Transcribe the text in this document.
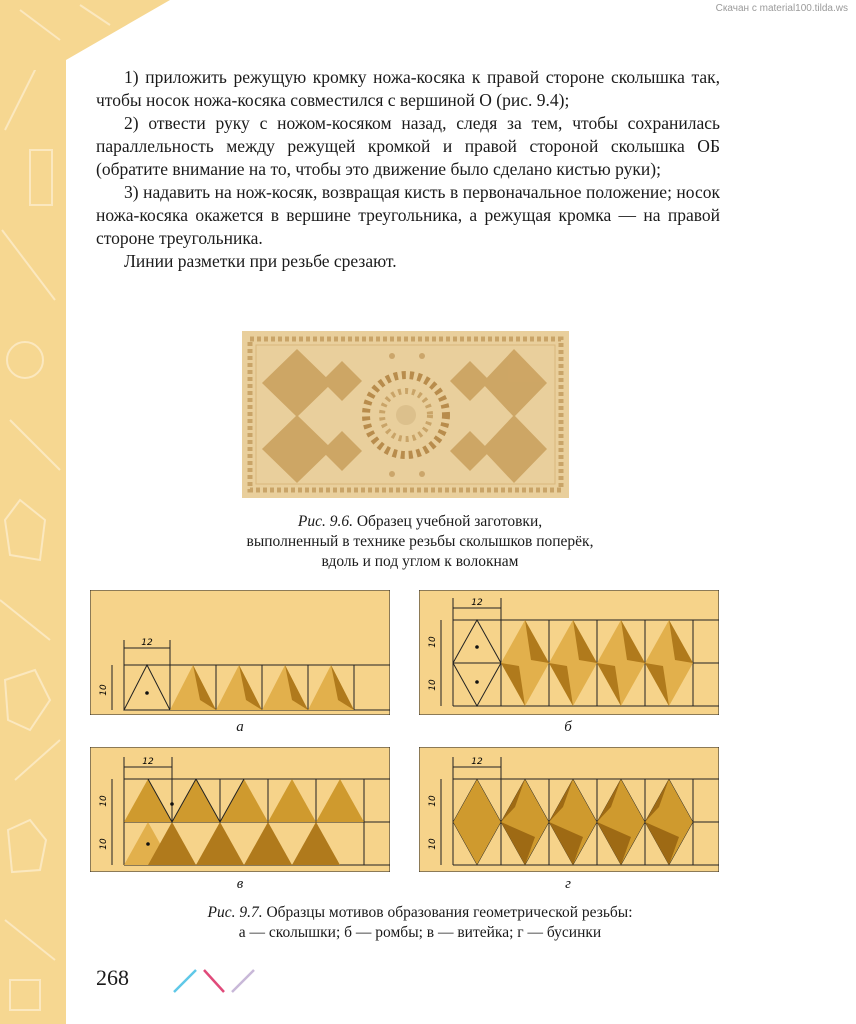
Скачан с material100.tilda.ws

1) приложить режущую кромку ножа-косяка к правой стороне сколышка так, чтобы носок ножа-косяка совместился с вершиной О (рис. 9.4);

2) отвести руку с ножом-косяком назад, следя за тем, чтобы сохранилась параллельность между режущей кромкой и правой стороной сколышка ОБ (обратите внимание на то, чтобы это движение было сделано кистью руки);

3) надавить на нож-косяк, возвращая кисть в первоначальное положение; носок ножа-косяка окажется в вершине треугольника, а режущая кромка — на правой стороне треугольника.

Линии разметки при резьбе срезают.

Рис. 9.6. Образец учебной заготовки,
выполненный в технике резьбы сколышков поперёк,
вдоль и под углом к волокнам
12
10
а
12
10
10
б
12
10
10
в
12
10
10
г
Рис. 9.7. Образцы мотивов образования геометрической резьбы:
а — сколышки; б — ромбы; в — витейка; г — бусинки
268
